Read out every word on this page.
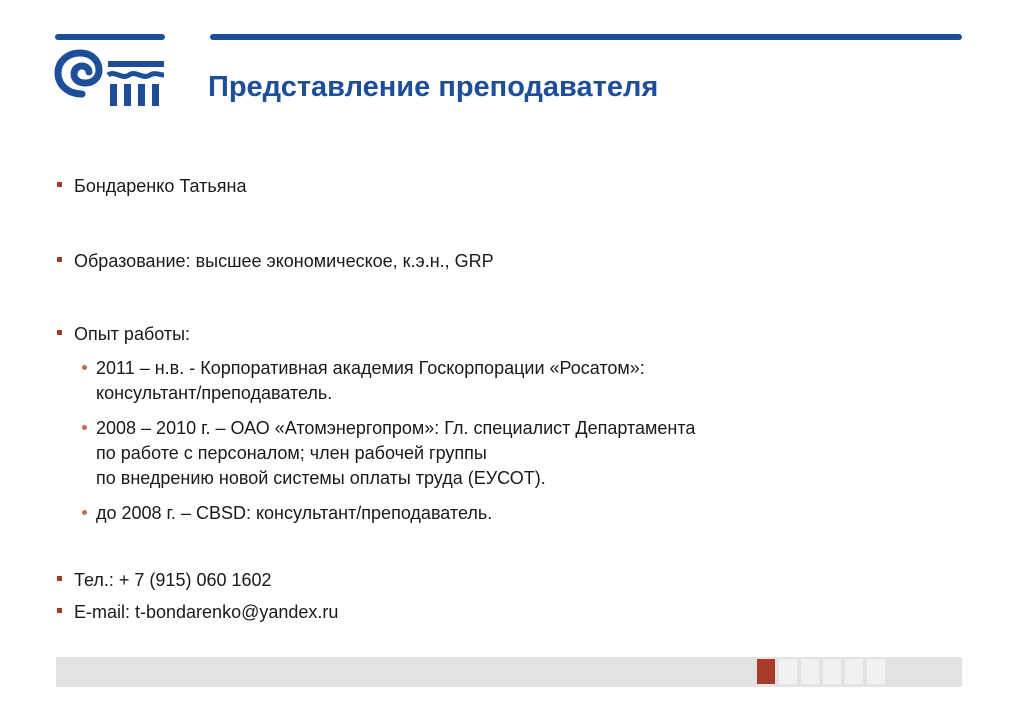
Представление преподавателя
Бондаренко Татьяна
Образование: высшее экономическое, к.э.н., GRP
Опыт работы:
2011 – н.в. - Корпоративная академия Госкорпорации «Росатом»:
консультант/преподаватель.
2008 – 2010 г. – ОАО «Атомэнергопром»: Гл. специалист Департамента
по работе с персоналом; член рабочей группы
по внедрению новой системы оплаты труда (ЕУСОТ).
до 2008 г. – CBSD: консультант/преподаватель.
Тел.: + 7 (915) 060 1602
E-mail: t-bondarenko@yandex.ru
